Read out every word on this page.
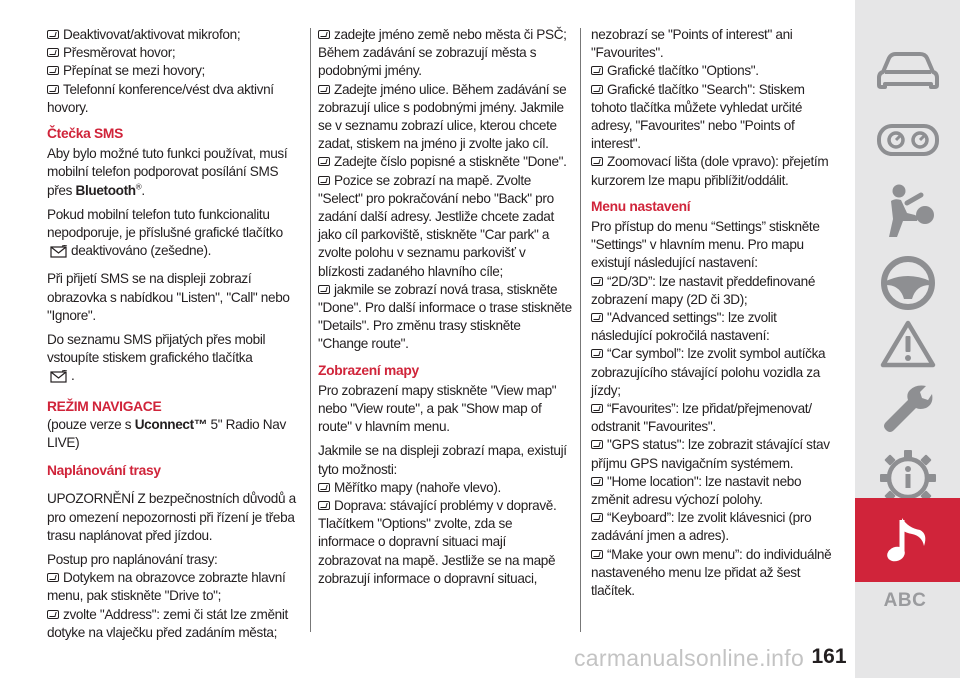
Deaktivovat/aktivovat mikrofon;
Přesměrovat hovor;
Přepínat se mezi hovory;
Telefonní konference/vést dva aktivní hovory.
Čtečka SMS
Aby bylo možné tuto funkci používat, musí mobilní telefon podporovat posílání SMS přes Bluetooth®.
Pokud mobilní telefon tuto funkcionalitu nepodporuje, je příslušné grafické tlačítkodeaktivováno (zešedne).
Při přijetí SMS se na displeji zobrazí obrazovka s nabídkou "Listen", "Call" nebo "Ignore".
Do seznamu SMS přijatých přes mobil vstoupíte stiskem grafického tlačítka
.
REŽIM NAVIGACE
(pouze verze s Uconnect™ 5" Radio Nav LIVE)
Naplánování trasy
UPOZORNĚNÍ Z bezpečnostních důvodů a pro omezení nepozornosti při řízení je třeba trasu naplánovat před jízdou.
Postup pro naplánování trasy:
Dotykem na obrazovce zobrazte hlavní menu, pak stiskněte "Drive to";
zvolte "Address": zemi či stát lze změnit dotyke na vlaječku před zadáním města;
zadejte jméno země nebo města či PSČ; Během zadávání se zobrazují města s podobnými jmény.
Zadejte jméno ulice. Během zadávání se zobrazují ulice s podobnými jmény. Jakmile se v seznamu zobrazí ulice, kterou chcete zadat, stiskem na jméno ji zvolte jako cíl.
Zadejte číslo popisné a stiskněte "Done".
Pozice se zobrazí na mapě. Zvolte "Select" pro pokračování nebo "Back" pro zadání další adresy. Jestliže chcete zadat jako cíl parkoviště, stiskněte "Car park" a zvolte polohu v seznamu parkovišť v blízkosti zadaného hlavního cíle;
jakmile se zobrazí nová trasa, stiskněte "Done". Pro další informace o trase stiskněte "Details". Pro změnu trasy stiskněte "Change route".
Zobrazení mapy
Pro zobrazení mapy stiskněte "View map" nebo "View route", a pak "Show map of route" v hlavním menu.
Jakmile se na displeji zobrazí mapa, existují tyto možnosti:
Měřítko mapy (nahoře vlevo).
Doprava: stávající problémy v dopravě. Tlačítkem "Options" zvolte, zda se informace o dopravní situaci mají zobrazovat na mapě. Jestliže se na mapě zobrazují informace o dopravní situaci,
nezobrazí se "Points of interest" ani "Favourites".
Grafické tlačítko "Options".
Grafické tlačítko "Search": Stiskem tohoto tlačítka můžete vyhledat určité adresy, "Favourites" nebo "Points of interest".
Zoomovací lišta (dole vpravo): přejetím kurzorem lze mapu přiblížit/oddálit.
Menu nastavení
Pro přístup do menu “Settings” stiskněte "Settings" v hlavním menu. Pro mapu existují následující nastavení:
“2D/3D”: lze nastavit předdefinované zobrazení mapy (2D či 3D);
"Advanced settings": lze zvolit následující pokročilá nastavení:
“Car symbol”: lze zvolit symbol autíčka zobrazujícího stávající polohu vozidla za jízdy;
“Favourites”: lze přidat/přejmenovat/ odstranit "Favourites".
"GPS status": lze zobrazit stávající stav příjmu GPS navigačním systémem.
"Home location": lze nastavit nebo změnit adresu výchozí polohy.
“Keyboard”: lze zvolit klávesnici (pro zadávání jmen a adres).
“Make your own menu”: do individuálně nastaveného menu lze přidat až šest tlačítek.	ABC
161
carmanualsonline.info
